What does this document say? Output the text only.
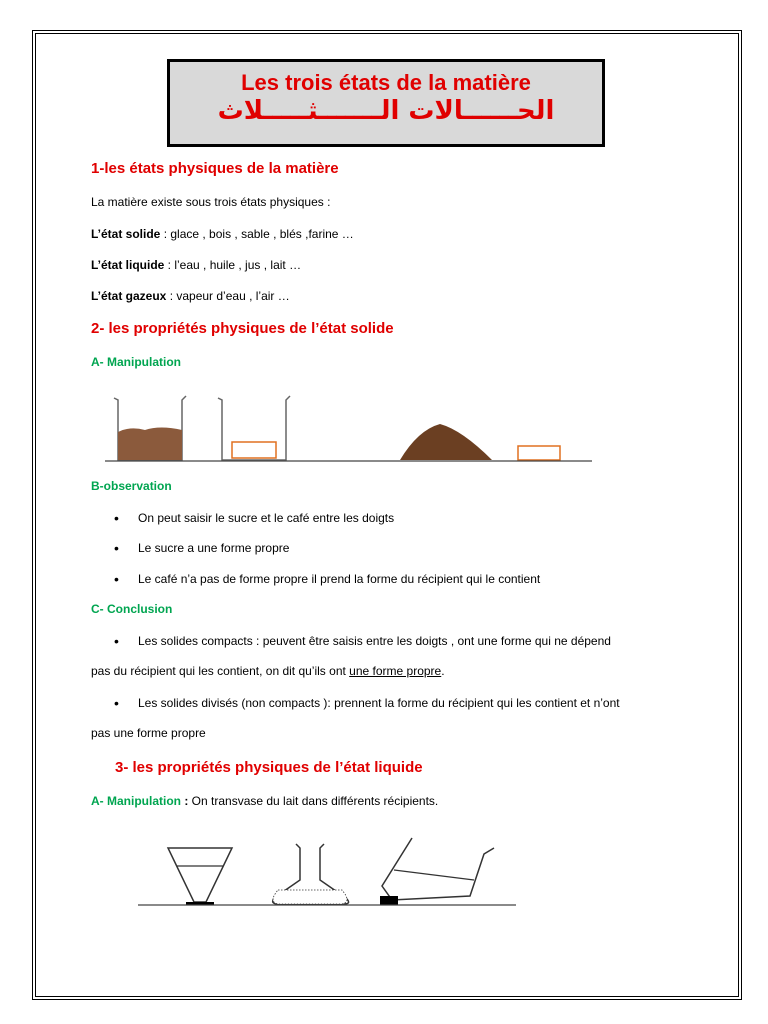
Les trois états de la matière
الحــــــالات الـــــــثـــــلاث
1-les états physiques de la matière
La matière existe sous trois états physiques :
L’état solide : glace , bois , sable , blés ,farine …
L’état liquide : l’eau , huile , jus , lait …
L’état gazeux : vapeur d’eau , l’air …
2- les propriétés physiques de l’état solide
A- Manipulation
B-observation
• On peut saisir le sucre et le café entre les doigts
• Le sucre a une forme propre
• Le café n’a pas de forme propre il prend la forme du récipient qui le contient
C- Conclusion
• Les solides compacts : peuvent être saisis entre les doigts , ont une forme qui ne dépend
pas du récipient qui les contient, on dit qu’ils ont une forme propre.
• Les solides divisés (non compacts ): prennent la forme du récipient qui les contient et n’ont
pas une forme propre
3- les propriétés physiques de l’état liquide
A- Manipulation : On transvase du lait dans différents récipients.
